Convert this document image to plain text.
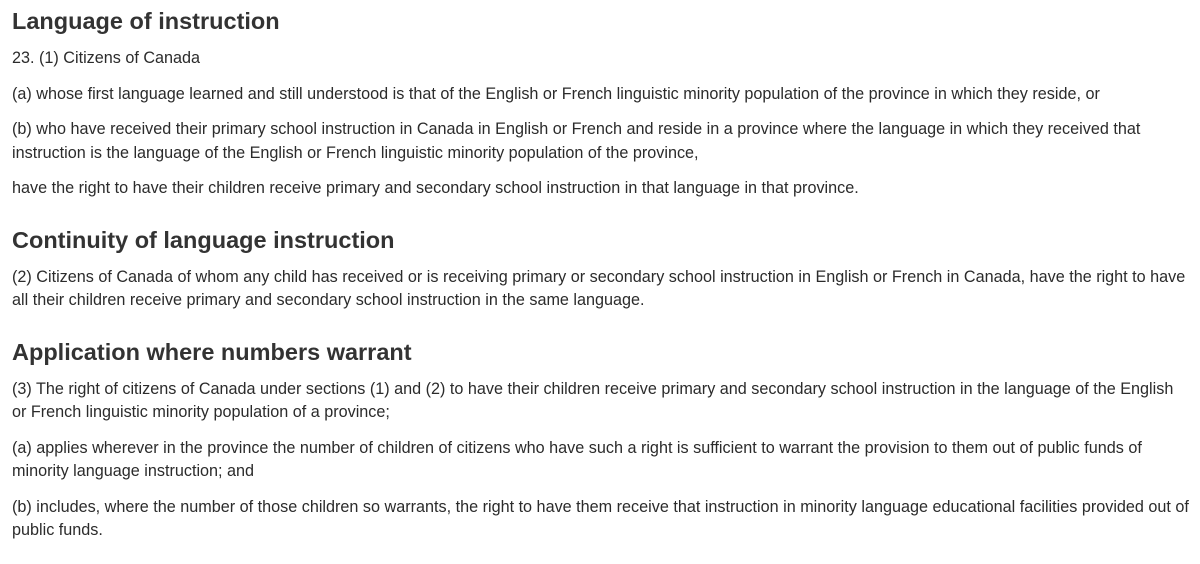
Language of instruction

23. (1) Citizens of Canada

(a) whose first language learned and still understood is that of the English or French linguistic minority population of the province in which they reside, or

(b) who have received their primary school instruction in Canada in English or French and reside in a province where the language in which they received that instruction is the language of the English or French linguistic minority population of the province,

have the right to have their children receive primary and secondary school instruction in that language in that province.

Continuity of language instruction

(2) Citizens of Canada of whom any child has received or is receiving primary or secondary school instruction in English or French in Canada, have the right to have all their children receive primary and secondary school instruction in the same language.

Application where numbers warrant

(3) The right of citizens of Canada under sections (1) and (2) to have their children receive primary and secondary school instruction in the language of the English or French linguistic minority population of a province;

(a) applies wherever in the province the number of children of citizens who have such a right is sufficient to warrant the provision to them out of public funds of minority language instruction; and

(b) includes, where the number of those children so warrants, the right to have them receive that instruction in minority language educational facilities provided out of public funds.
